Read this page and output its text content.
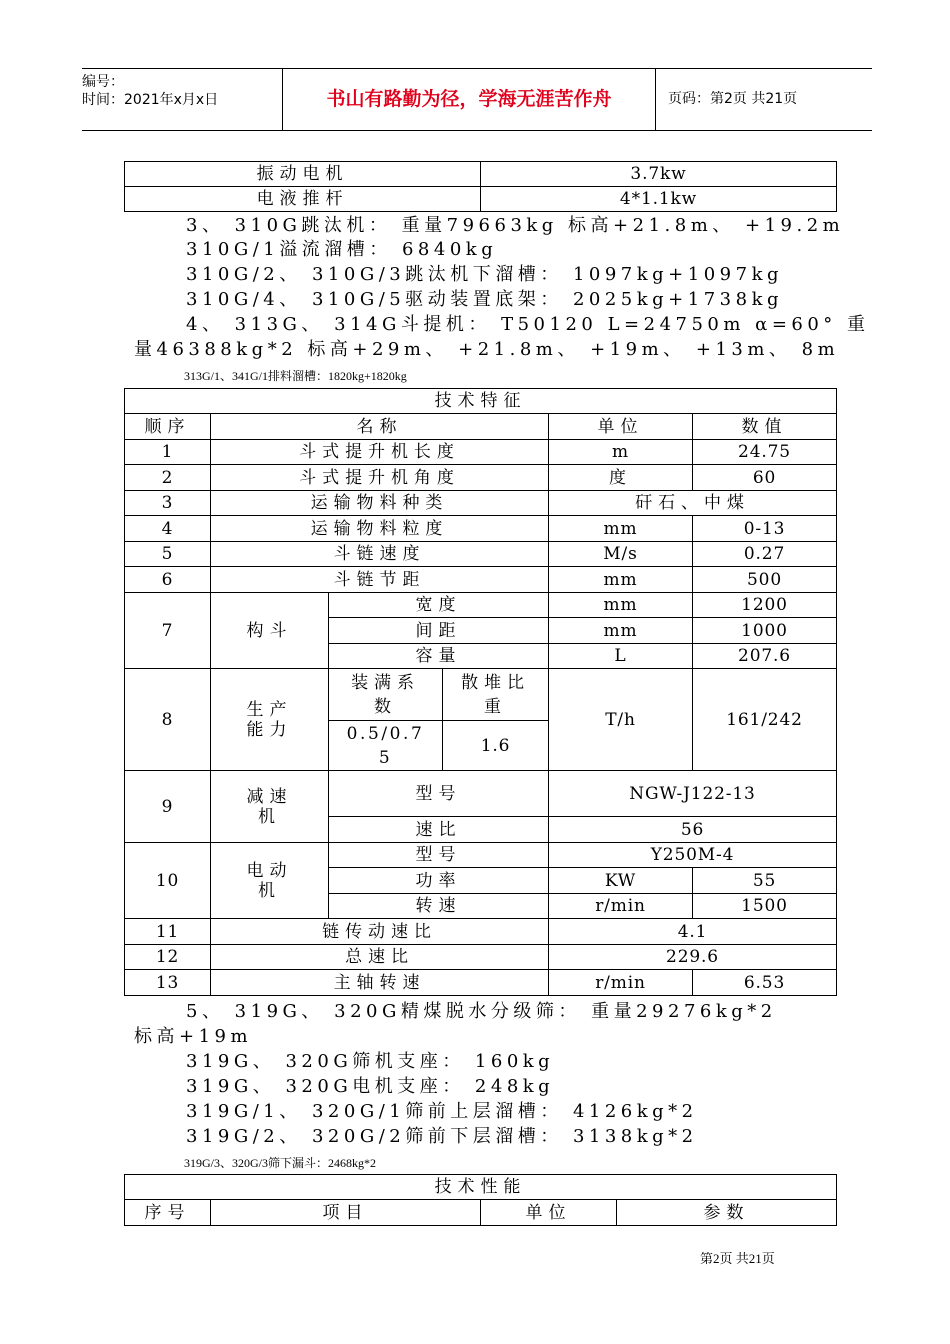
编号：
时间：2021年x月x日	书山有路勤为径，学海无涯苦作舟	页码：第2页 共21页
振动电机	3.7kw
电液推杆	4*1.1kw
3、 310G跳汰机： 重量79663kg 标高+21.8m、 +19.2m
310G/1溢流溜槽： 6840kg
310G/2、 310G/3跳汰机下溜槽： 1097kg+1097kg
310G/4、 310G/5驱动装置底架： 2025kg+1738kg
4、 313G、 314G斗提机： T50120 L=24750m α=60° 重
量46388kg*2 标高+29m、 +21.8m、 +19m、 +13m、 8m
313G/1、341G/1排料溜槽：1820kg+1820kg
技术特征					
顺序	名称			单位	数值
1	斗式提升机长度			m	24.75
2	斗式提升机角度			度	60
3	运输物料种类			矸石、中煤	
4	运输物料粒度			mm	0-13
5	斗链速度			M/s	0.27
6	斗链节距			mm	500
7	构斗	宽度		mm	1200
		间距		mm	1000
		容量		L	207.6
8	生产能力	装满系数	散堆比重	T/h	161/242
		0.5/0.75	1.6		
9	减速机	型号		NGW-J122-13	
		速比		56	
10	电动机	型号		Y250M-4	
		功率		KW	55
		转速		r/min	1500
11	链传动速比			4.1	
12	总速比			229.6	
13	主轴转速			r/min	6.53
5、 319G、 320G精煤脱水分级筛： 重量29276kg*2
标高+19m
319G、 320G筛机支座： 160kg
319G、 320G电机支座： 248kg
319G/1、 320G/1筛前上层溜槽： 4126kg*2
319G/2、 320G/2筛前下层溜槽： 3138kg*2
319G/3、320G/3筛下漏斗：2468kg*2
技术性能
序号	项目	单位	参数
第2页 共21页
